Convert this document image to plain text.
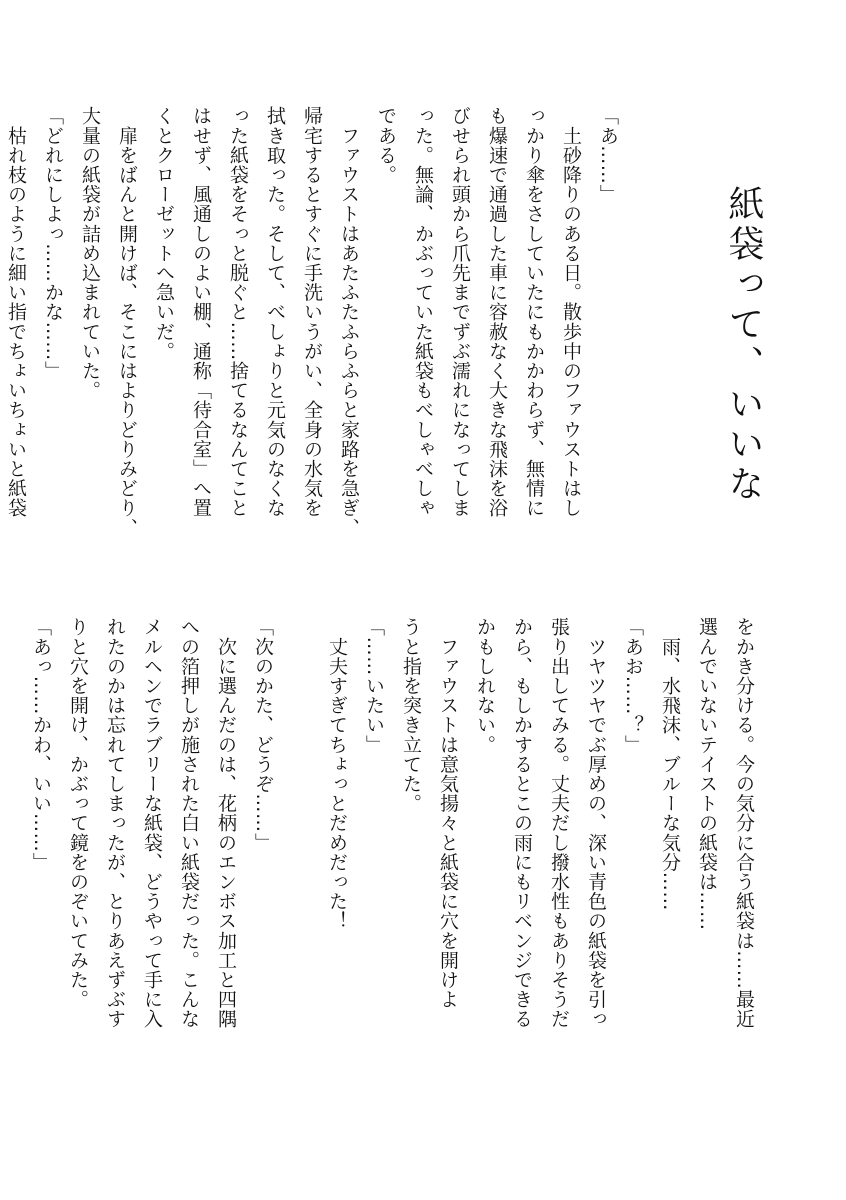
紙袋って、いいな
「あ……」
　土砂降りのある日。散歩中のファウストはし
っかり傘をさしていたにもかかわらず、無情に
も爆速で通過した車に容赦なく大きな飛沫を浴
びせられ頭から爪先までずぶ濡れになってしま
った。無論、かぶっていた紙袋もべしゃべしゃ
である。
　ファウストはあたふたふらふらと家路を急ぎ、
帰宅するとすぐに手洗いうがい、全身の水気を
拭き取った。そして、べしょりと元気のなくな
った紙袋をそっと脱ぐと……捨てるなんてこと
はせず、風通しのよい棚、通称「待合室」へ置
くとクローゼットへ急いだ。
　扉をばんと開けば、そこにはよりどりみどり、
大量の紙袋が詰め込まれていた。
「どれにしよっ……かな……」
　枯れ枝のように細い指でちょいちょいと紙袋
をかき分ける。今の気分に合う紙袋は……最近
選んでいないテイストの紙袋は……
　雨、水飛沫、ブルーな気分……
「あお……？」
　ツヤツヤでぶ厚めの、深い青色の紙袋を引っ
張り出してみる。丈夫だし撥水性もありそうだ
から、もしかするとこの雨にもリベンジできる
かもしれない。
　ファウストは意気揚々と紙袋に穴を開けよ
うと指を突き立てた。
「……いたい」
　丈夫すぎてちょっとだめだった！

「次のかた、どうぞ……」
　次に選んだのは、花柄のエンボス加工と四隅
への箔押しが施された白い紙袋だった。こんな
メルヘンでラブリーな紙袋、どうやって手に入
れたのかは忘れてしまったが、とりあえずぶす
りと穴を開け、かぶって鏡をのぞいてみた。
「あっ……かわ、いい……」
